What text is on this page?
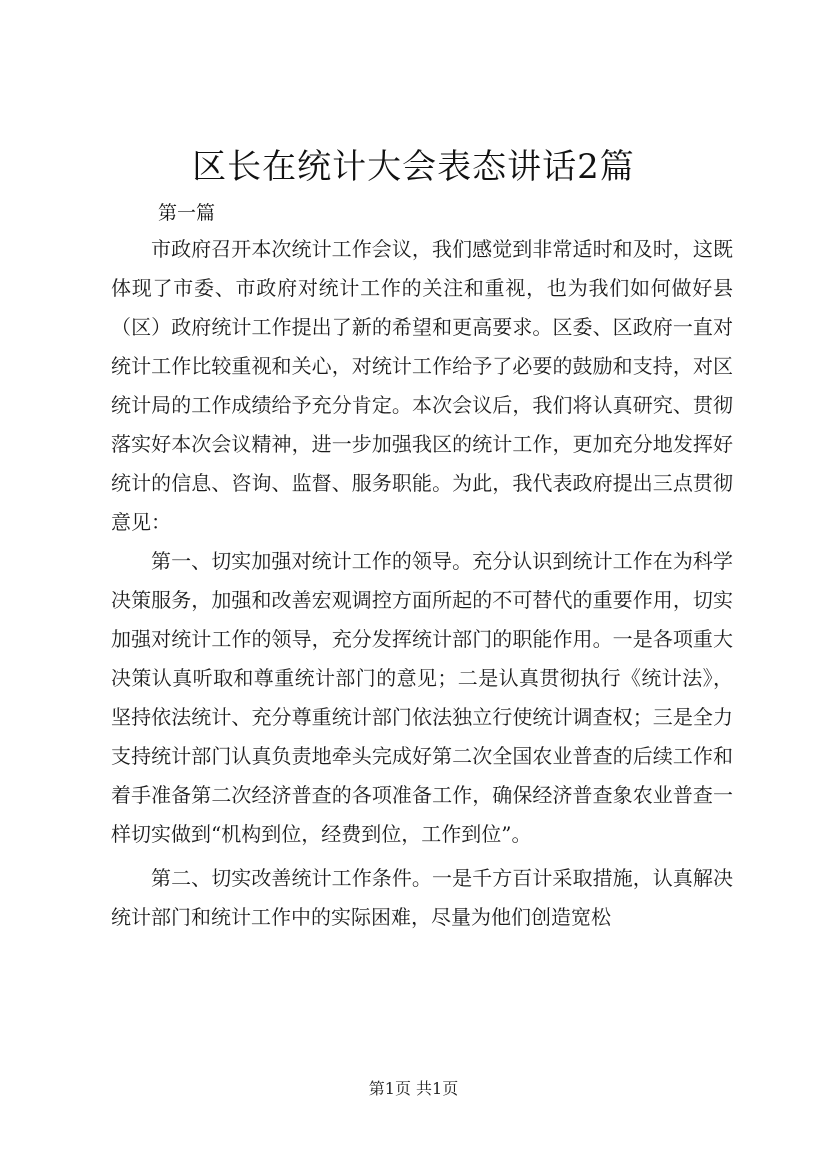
区长在统计大会表态讲话2篇
第一篇

市政府召开本次统计工作会议，我们感觉到非常适时和及时，这既体现了市委、市政府对统计工作的关注和重视，也为我们如何做好县（区）政府统计工作提出了新的希望和更高要求。区委、区政府一直对统计工作比较重视和关心，对统计工作给予了必要的鼓励和支持，对区统计局的工作成绩给予充分肯定。本次会议后，我们将认真研究、贯彻落实好本次会议精神，进一步加强我区的统计工作，更加充分地发挥好统计的信息、咨询、监督、服务职能。为此，我代表政府提出三点贯彻意见：

第一、切实加强对统计工作的领导。充分认识到统计工作在为科学决策服务，加强和改善宏观调控方面所起的不可替代的重要作用，切实加强对统计工作的领导，充分发挥统计部门的职能作用。一是各项重大决策认真听取和尊重统计部门的意见；二是认真贯彻执行《统计法》，坚持依法统计、充分尊重统计部门依法独立行使统计调查权；三是全力支持统计部门认真负责地牵头完成好第二次全国农业普查的后续工作和着手准备第二次经济普查的各项准备工作，确保经济普查象农业普查一样切实做到“机构到位，经费到位，工作到位”。

第二、切实改善统计工作条件。一是千方百计采取措施，认真解决统计部门和统计工作中的实际困难，尽量为他们创造宽松

第1页 共1页
